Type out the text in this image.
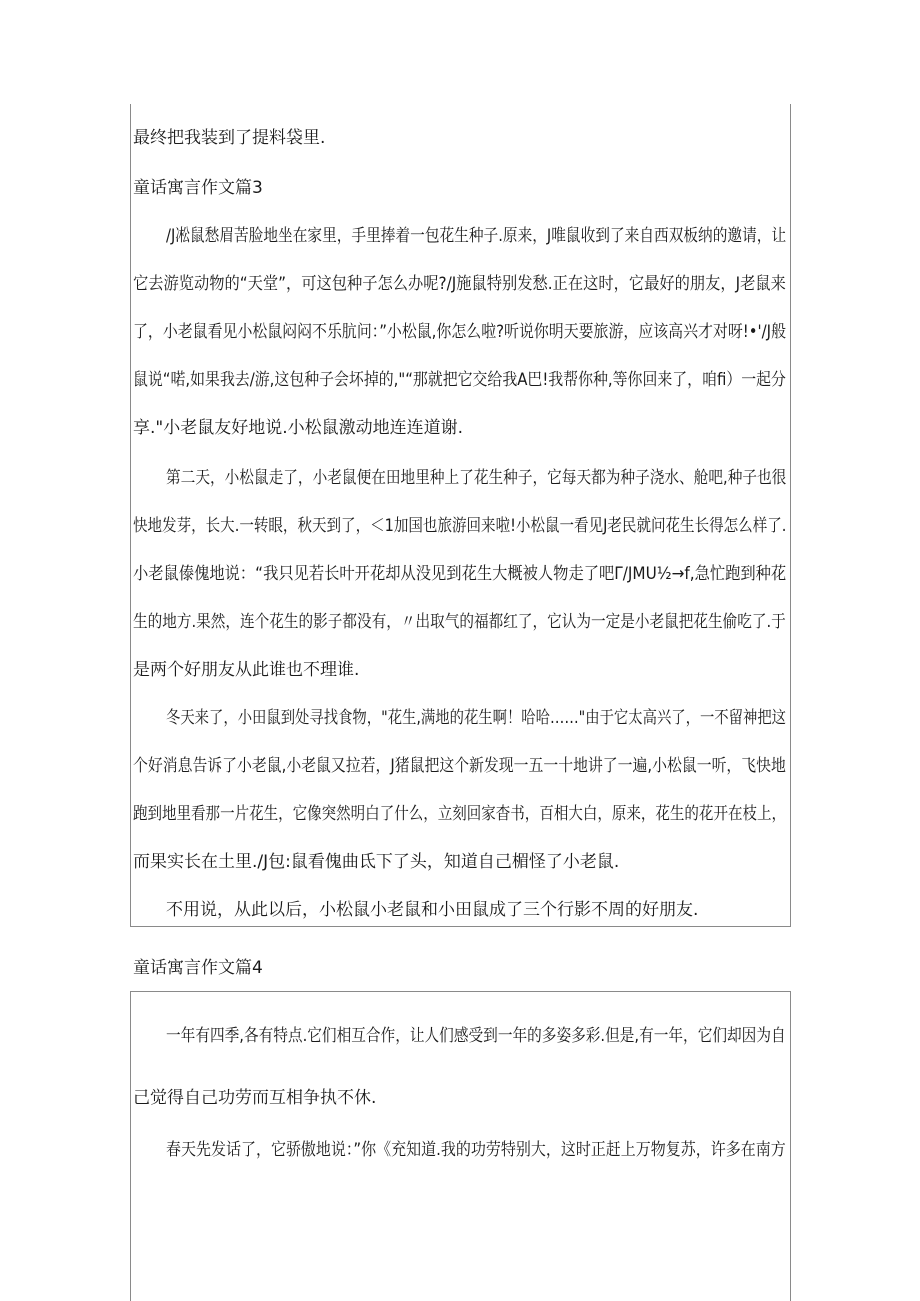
最终把我装到了提料袋里.
童话寓言作文篇3
/J凇鼠愁眉苦脸地坐在家里，手里捧着一包花生种子.原来，J唯鼠收到了来自西双板纳的邀请，让
它去游览动物的“天堂”，可这包种子怎么办呢?/J施鼠特别发愁.正在这时，它最好的朋友，J老鼠来
了，小老鼠看见小松鼠闷闷不乐肮问：”小松鼠,你怎么啦?听说你明天要旅游，应该高兴才对呀!•'/J般
鼠说“喏,如果我去/游,这包种子会坏掉的,"“那就把它交给我A巴!我帮你种,等你回来了，咱fi）一起分
享."小老鼠友好地说.小松鼠激动地连连道谢.
第二天，小松鼠走了，小老鼠便在田地里种上了花生种子，它每天都为种子浇水、舱吧,种子也很
快地发芽，长大.一转眼，秋天到了，＜1加国也旅游回来啦!小松鼠一看见J老民就问花生长得怎么样了.
小老鼠傣傀地说：“我只见若长叶开花却从没见到花生大概被人物走了吧Γ/JMU½→f,急忙跑到种花
生的地方.果然，连个花生的影子都没有，〃出取气的福都红了，它认为一定是小老鼠把花生偷吃了.于
是两个好朋友从此谁也不理谁.
冬天来了，小田鼠到处寻找食物，"花生,满地的花生啊！哈哈……"由于它太高兴了，一不留神把这
个好消息告诉了小老鼠,小老鼠又拉若，J猪鼠把这个新发现一五一十地讲了一遍,小松鼠一听，飞快地
跑到地里看那一片花生，它像突然明白了什么，立刻回家杳书，百相大白，原来，花生的花开在枝上，
而果实长在土里./J包:鼠看傀曲氐下了头，知道自己楣怪了小老鼠.
不用说，从此以后，小松鼠小老鼠和小田鼠成了三个行影不周的好朋友.
童话寓言作文篇4
一年有四季,各有特点.它们相互合作，让人们感受到一年的多姿多彩.但是,有一年，它们却因为自
己觉得自己功劳而互相争执不休.
春天先发话了，它骄傲地说：”你《充知道.我的功劳特别大，这时正赶上万物复苏，许多在南方
